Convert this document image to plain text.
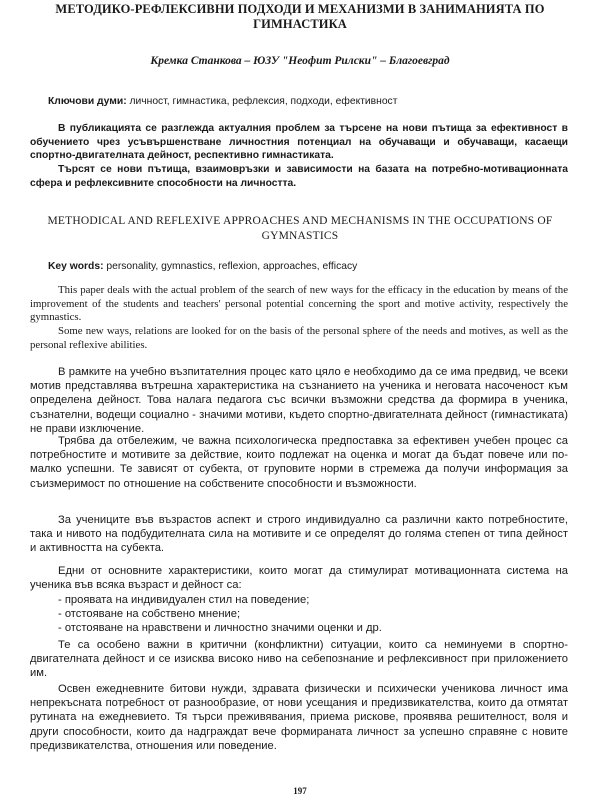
МЕТОДИКО-РЕФЛЕКСИВНИ ПОДХОДИ И МЕХАНИЗМИ В ЗАНИМАНИЯТА ПО ГИМНАСТИКА
Кремка Станкова – ЮЗУ "Неофит Рилски" – Благоевград

Ключови думи: личност, гимнастика, рефлексия, подходи, ефективност

В публикацията се разглежда актуалния проблем за търсене на нови пътища за ефективност в обучението чрез усъвършенстване личностния потенциал на обучаващи и обучаващи, касаещи спортно-двигателната дейност, респективно гимнастиката.

Търсят се нови пътища, взаимовръзки и зависимости на базата на потребно-мотивационната сфера и рефлексивните способности на личността.

METHODICAL AND REFLEXIVE APPROACHES AND MECHANISMS IN THE OCCUPATIONS OF GYMNASTICS

Key words: personality, gymnastics, reflexion, approaches, efficacy

This paper deals with the actual problem of the search of new ways for the efficacy in the education by means of the improvement of the students and teachers' personal potential concerning the sport and motive activity, respectively the gymnastics.

Some new ways, relations are looked for on the basis of the personal sphere of the needs and motives, as well as the personal reflexive abilities.

В рамките на учебно възпитателния процес като цяло е необходимо да се има предвид, че всеки мотив представлява вътрешна характеристика на съзнанието на ученика и неговата насоченост към определена дейност. Това налага педагога със всички възможни средства да формира в ученика, съзнателни, водещи социално - значими мотиви, където спортно-двигателната дейност (гимнастиката) не прави изключение.

Трябва да отбележим, че важна психологическа предпоставка за ефективен учебен процес са потребностите и мотивите за действие, които подлежат на оценка и могат да бъдат повече или по-малко успешни. Те зависят от субекта, от груповите норми в стремежа да получи информация за съизмеримост по отношение на собствените способности и възможности.

За учениците във възрастов аспект и строго индивидуално са различни както потребностите, така и нивото на подбудителната сила на мотивите и се определят до голяма степен от типа дейност и активността на субекта.

Едни от основните характеристики, които могат да стимулират мотивационната система на ученика във всяка възраст и дейност са:

- проявата на индивидуален стил на поведение;
- отстояване на собствено мнение;
- отстояване на нравствени и личностно значими оценки и др.

Те са особено важни в критични (конфликтни) ситуации, които са неминуеми в спортно-двигателната дейност и се изисква високо ниво на себепознание и рефлексивност при приложението им.

Освен ежедневните битови нужди, здравата физически и психически ученикова личност има непрекъсната потребност от разнообразие, от нови усещания и предизвикателства, които да отмятат рутината на ежедневието. Тя търси преживявания, приема рискове, проявява решителност, воля и други способности, които да надграждат вече формираната личност за успешно справяне с новите предизвикателства, отношения или поведение.

197
